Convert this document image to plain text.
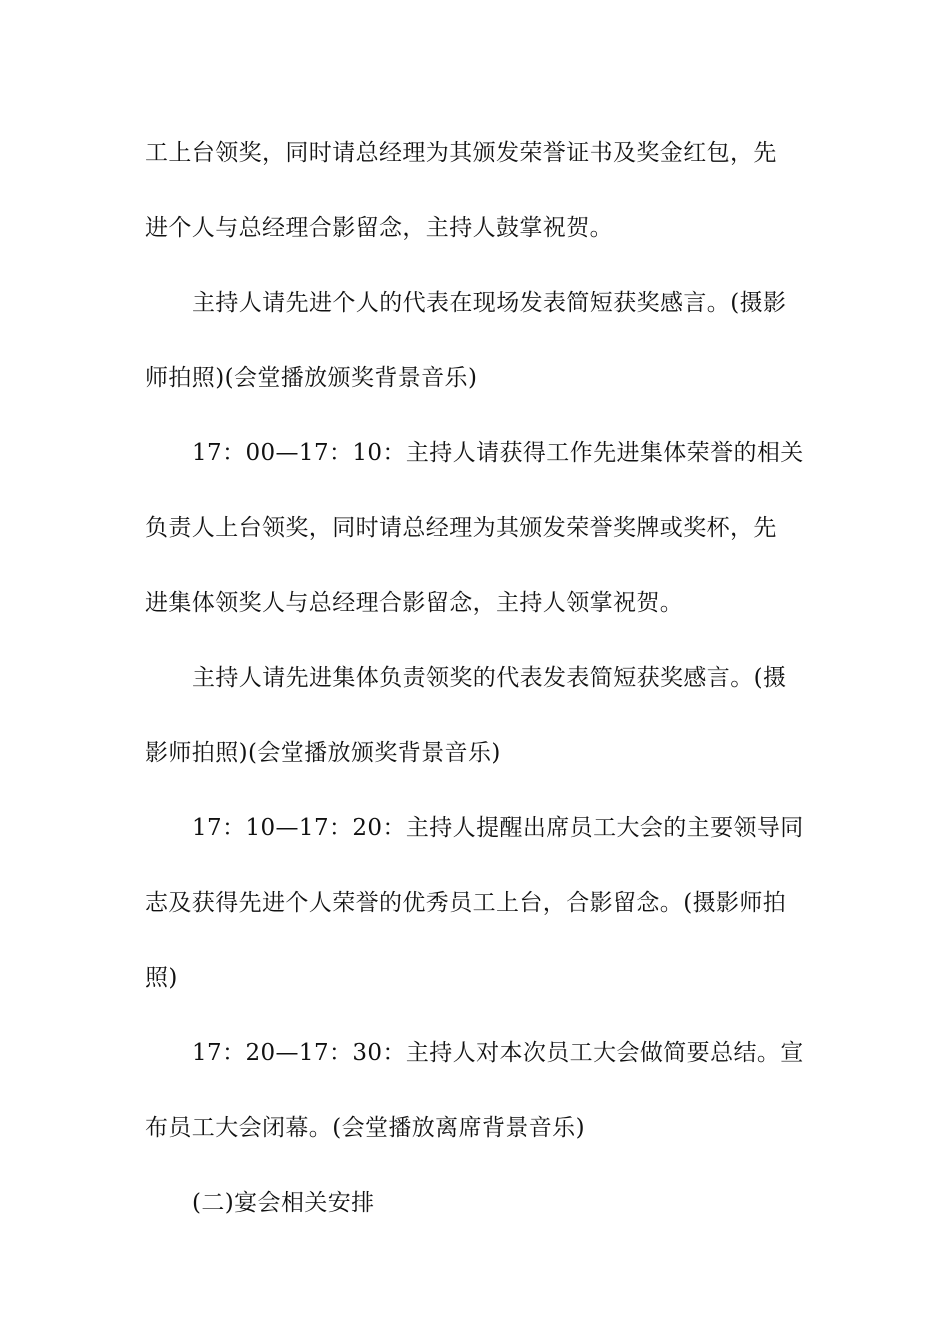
工上台领奖，同时请总经理为其颁发荣誉证书及奖金红包，先
进个人与总经理合影留念，主持人鼓掌祝贺。
主持人请先进个人的代表在现场发表简短获奖感言。(摄影
师拍照)(会堂播放颁奖背景音乐)
17：00—17：10：主持人请获得工作先进集体荣誉的相关
负责人上台领奖，同时请总经理为其颁发荣誉奖牌或奖杯，先
进集体领奖人与总经理合影留念，主持人领掌祝贺。
主持人请先进集体负责领奖的代表发表简短获奖感言。(摄
影师拍照)(会堂播放颁奖背景音乐)
17：10—17：20：主持人提醒出席员工大会的主要领导同
志及获得先进个人荣誉的优秀员工上台，合影留念。(摄影师拍
照)
17：20—17：30：主持人对本次员工大会做简要总结。宣
布员工大会闭幕。(会堂播放离席背景音乐)
(二)宴会相关安排
